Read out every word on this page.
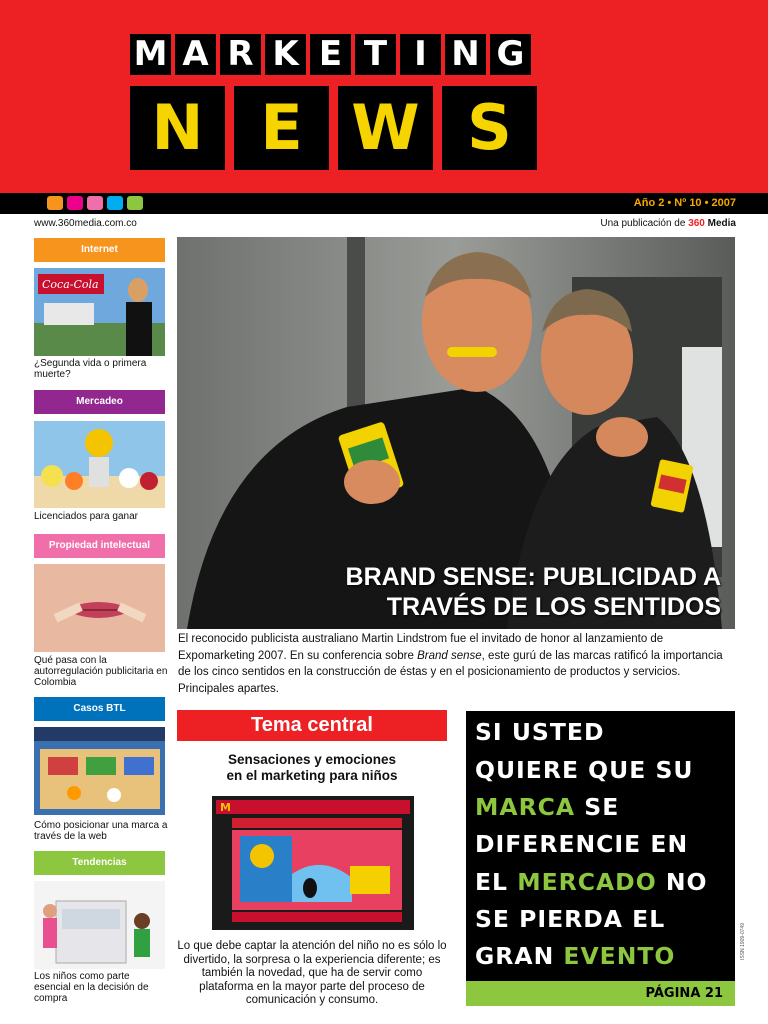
M A R K E T I N G
N E W S
Año 2 • Nº 10 • 2007
www.360media.com.co	Una publicación de 360 Media
Internet
Coca-Cola
¿Segunda vida o primera muerte?
Mercadeo
Licenciados para ganar
Propiedad intelectual
Qué pasa con la autorregulación publicitaria en Colombia
Casos BTL
Cómo posicionar una marca a través de la web
Tendencias
Los niños como parte esencial en la decisión de compra
BRAND SENSE: PUBLICIDAD A
TRAVÉS DE LOS SENTIDOS
El reconocido publicista australiano Martin Lindstrom fue el invitado de honor al lanzamiento de Expomarketing 2007. En su conferencia sobre Brand sense, este gurú de las marcas ratificó la importancia de los cinco sentidos en la construcción de éstas y en el posicionamiento de productos y servicios. Principales apartes.
Tema central
Sensaciones y emociones
en el marketing para niños
M
Lo que debe captar la atención del niño no es sólo lo divertido, la sorpresa o la experiencia diferente; es también la novedad, que ha de servir como plataforma en la mayor parte del proceso de comunicación y consumo.
SI USTED
QUIERE QUE SU
MARCA SE
DIFERENCIE EN
EL MERCADO NO
SE PIERDA EL
GRAN EVENTO
PÁGINA 21
ISSN 1909-0749
